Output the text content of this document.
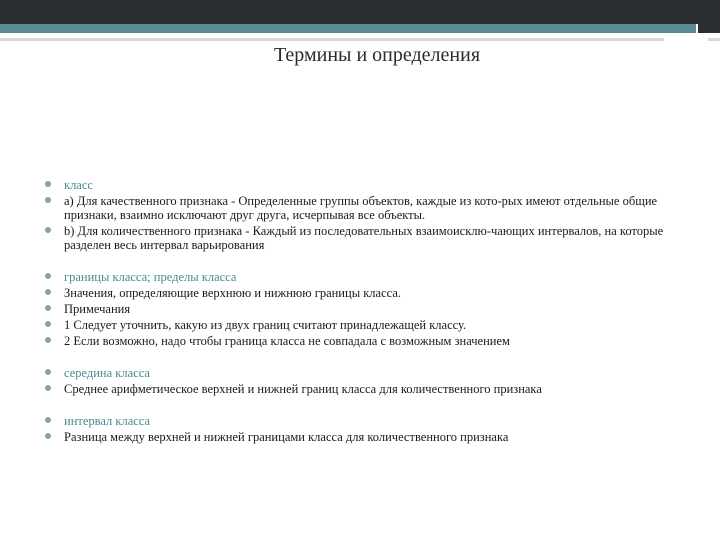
Термины и определения
класс
а) Для качественного признака - Определенные группы объектов, каждые из кото-рых имеют отдельные общие признаки, взаимно исключают друг друга, исчерпывая все объекты.
b) Для количественного признака - Каждый из последовательных взаимоисклю-чающих интервалов, на которые разделен весь интервал варьирования
границы класса; пределы класса
Значения, определяющие верхнюю и нижнюю границы класса.
Примечания
1 Следует уточнить, какую из двух границ считают принадлежащей классу.
2 Если возможно, надо чтобы граница класса не совпадала с возможным значением
середина класса
Среднее арифметическое верхней и нижней границ класса для количественного признака
интервал класса
Разница между верхней и нижней границами класса для количественного признака
